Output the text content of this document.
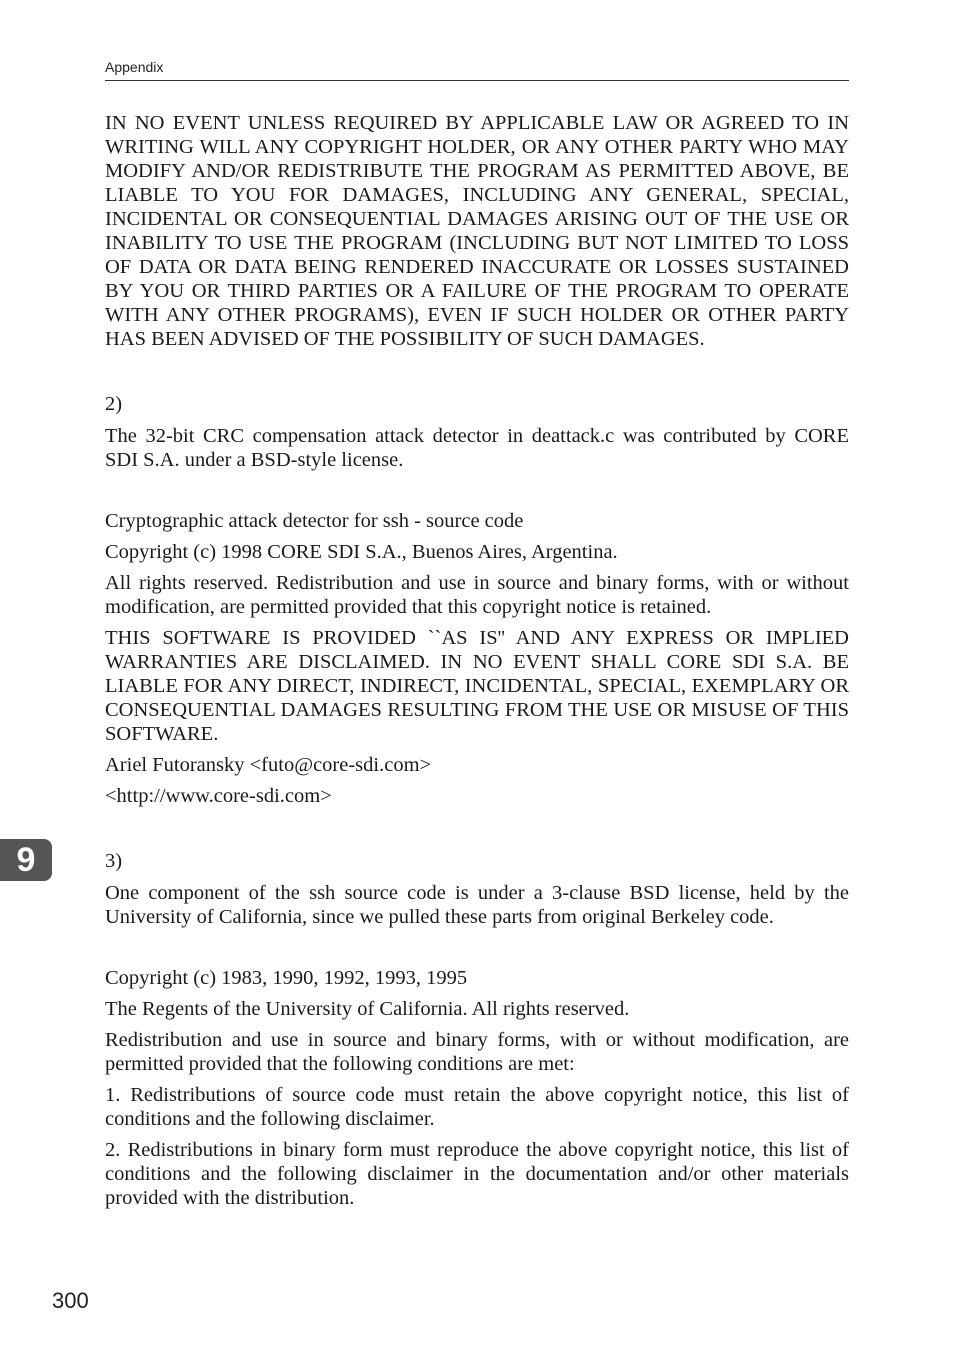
Appendix

IN NO EVENT UNLESS REQUIRED BY APPLICABLE LAW OR AGREED TO IN WRITING WILL ANY COPYRIGHT HOLDER, OR ANY OTHER PARTY WHO MAY MODIFY AND/OR REDISTRIBUTE THE PROGRAM AS PERMITTED ABOVE, BE LIABLE TO YOU FOR DAMAGES, INCLUDING ANY GENERAL, SPECIAL, INCIDENTAL OR CONSEQUENTIAL DAMAGES ARISING OUT OF THE USE OR INABILITY TO USE THE PROGRAM (INCLUDING BUT NOT LIMITED TO LOSS OF DATA OR DATA BEING RENDERED INACCURATE OR LOSSES SUSTAINED BY YOU OR THIRD PARTIES OR A FAILURE OF THE PROGRAM TO OPERATE WITH ANY OTHER PROGRAMS), EVEN IF SUCH HOLDER OR OTHER PARTY HAS BEEN ADVISED OF THE POSSIBILITY OF SUCH DAMAGES.

2)

The 32-bit CRC compensation attack detector in deattack.c was contributed by CORE SDI S.A. under a BSD-style license.

Cryptographic attack detector for ssh - source code

Copyright (c) 1998 CORE SDI S.A., Buenos Aires, Argentina.

All rights reserved. Redistribution and use in source and binary forms, with or without modification, are permitted provided that this copyright notice is retained.

THIS SOFTWARE IS PROVIDED ``AS IS'' AND ANY EXPRESS OR IMPLIED WARRANTIES ARE DISCLAIMED. IN NO EVENT SHALL CORE SDI S.A. BE LIABLE FOR ANY DIRECT, INDIRECT, INCIDENTAL, SPECIAL, EXEMPLARY OR CONSEQUENTIAL DAMAGES RESULTING FROM THE USE OR MISUSE OF THIS SOFTWARE.

Ariel Futoransky <futo@core-sdi.com>

<http://www.core-sdi.com>

3)

One component of the ssh source code is under a 3-clause BSD license, held by the University of California, since we pulled these parts from original Berkeley code.

Copyright (c) 1983, 1990, 1992, 1993, 1995

The Regents of the University of California. All rights reserved.

Redistribution and use in source and binary forms, with or without modification, are permitted provided that the following conditions are met:

1. Redistributions of source code must retain the above copyright notice, this list of conditions and the following disclaimer.

2. Redistributions in binary form must reproduce the above copyright notice, this list of conditions and the following disclaimer in the documentation and/or other materials provided with the distribution.

9
300
